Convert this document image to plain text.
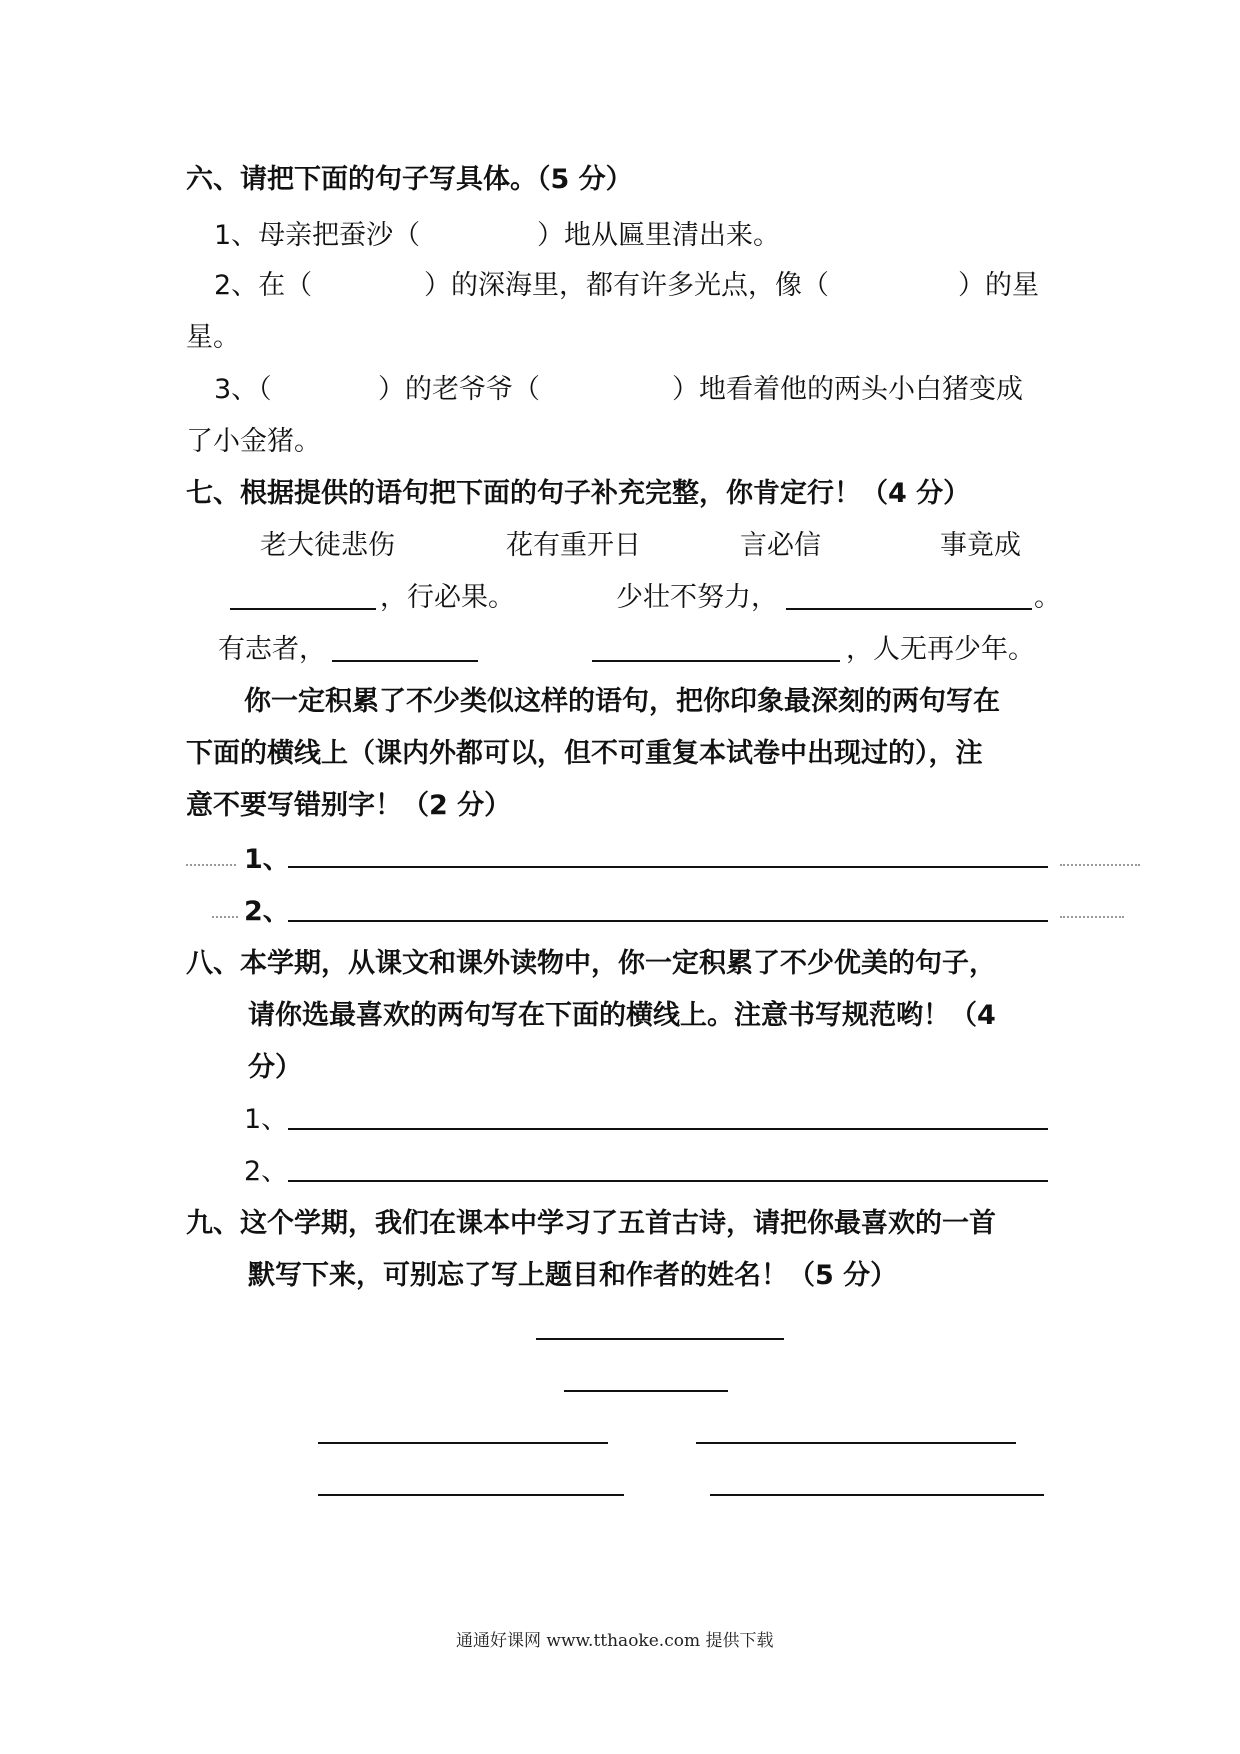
六、请把下面的句子写具体。（5 分）
1、母亲把蚕沙（	）地从匾里清出来。
2、在（	）的深海里，都有许多光点，像（	）的星
星。
3、（	）的老爷爷（	）地看着他的两头小白猪变成
了小金猪。
七、根据提供的语句把下面的句子补充完整，你肯定行！（4 分）
老大徒悲伤	花有重开日	言必信	事竟成
，行必果。	少壮不努力，	。
有志者，	，人无再少年。
你一定积累了不少类似这样的语句，把你印象最深刻的两句写在
下面的横线上（课内外都可以，但不可重复本试卷中出现过的），注
意不要写错别字！（2 分）
1、
2、
八、本学期，从课文和课外读物中，你一定积累了不少优美的句子，
请你选最喜欢的两句写在下面的横线上。注意书写规范哟！（4
分）
1、
2、
九、这个学期，我们在课本中学习了五首古诗，请把你最喜欢的一首
默写下来，可别忘了写上题目和作者的姓名！（5 分）
通通好课网 www.tthaoke.com 提供下载
